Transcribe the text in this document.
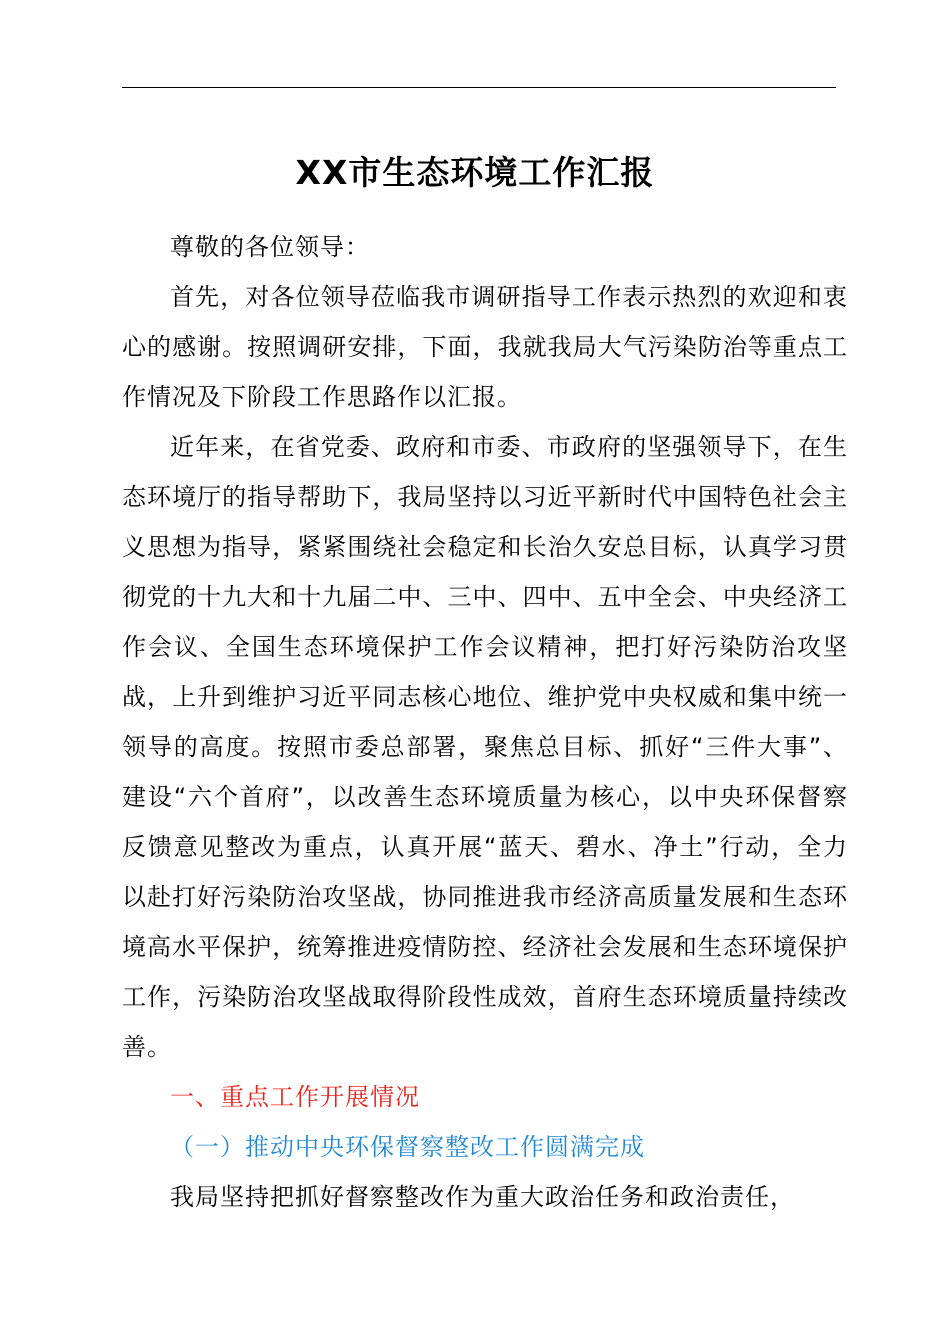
XX市生态环境工作汇报

尊敬的各位领导：

首先，对各位领导莅临我市调研指导工作表示热烈的欢迎和衷心的感谢。按照调研安排，下面，我就我局大气污染防治等重点工作情况及下阶段工作思路作以汇报。

近年来，在省党委、政府和市委、市政府的坚强领导下，在生态环境厅的指导帮助下，我局坚持以习近平新时代中国特色社会主义思想为指导，紧紧围绕社会稳定和长治久安总目标，认真学习贯彻党的十九大和十九届二中、三中、四中、五中全会、中央经济工作会议、全国生态环境保护工作会议精神，把打好污染防治攻坚战，上升到维护习近平同志核心地位、维护党中央权威和集中统一领导的高度。按照市委总部署，聚焦总目标、抓好“三件大事”、建设“六个首府”，以改善生态环境质量为核心，以中央环保督察反馈意见整改为重点，认真开展“蓝天、碧水、净土”行动，全力以赴打好污染防治攻坚战，协同推进我市经济高质量发展和生态环境高水平保护，统筹推进疫情防控、经济社会发展和生态环境保护工作，污染防治攻坚战取得阶段性成效，首府生态环境质量持续改善。

一、重点工作开展情况

（一）推动中央环保督察整改工作圆满完成

我局坚持把抓好督察整改作为重大政治任务和政治责任，
